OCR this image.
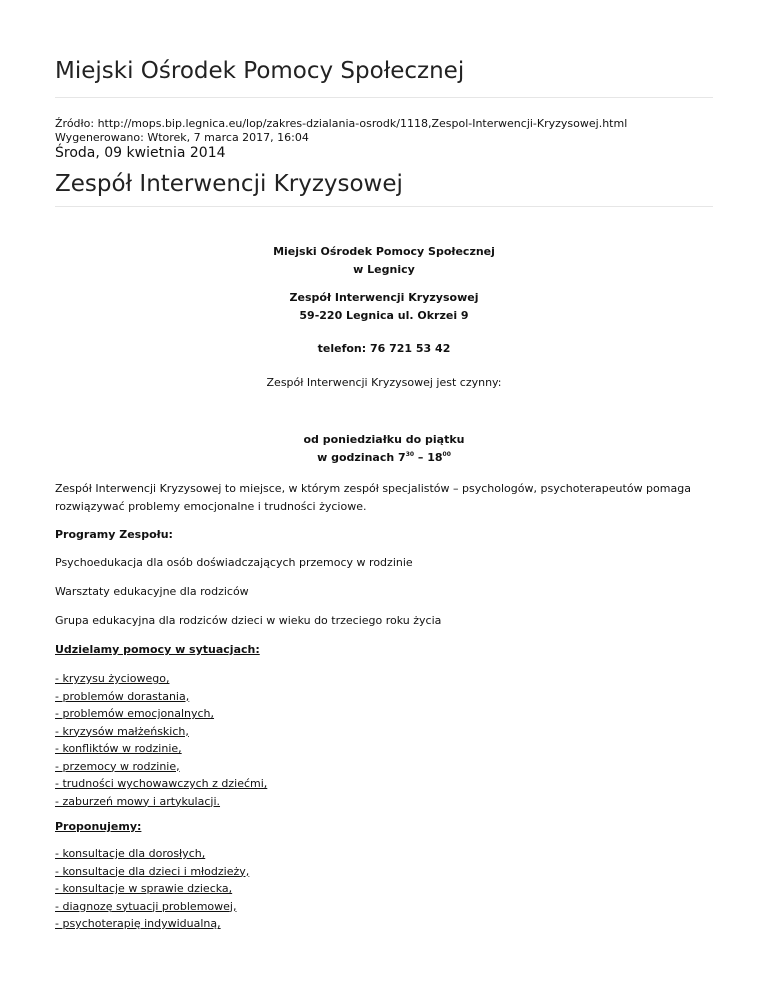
Miejski Ośrodek Pomocy Społecznej
Źródło: http://mops.bip.legnica.eu/lop/zakres-dzialania-osrodk/1118,Zespol-Interwencji-Kryzysowej.html
Wygenerowano: Wtorek, 7 marca 2017, 16:04
Środa, 09 kwietnia 2014
Zespół Interwencji Kryzysowej
Miejski Ośrodek Pomocy Społecznej
w Legnicy
Zespół Interwencji Kryzysowej
59-220 Legnica ul. Okrzei 9
telefon: 76 721 53 42
Zespół Interwencji Kryzysowej jest czynny:
od poniedziałku do piątku
w godzinach $7^{30} - 18^{00}$
Zespół Interwencji Kryzysowej to miejsce, w którym zespół specjalistów – psychologów, psychoterapeutów pomaga rozwiązywać problemy emocjonalne i trudności życiowe.
Programy Zespołu:
Psychoedukacja dla osób doświadczających przemocy w rodzinie
Warsztaty edukacyjne dla rodziców
Grupa edukacyjna dla rodziców dzieci w wieku do trzeciego roku życia
Udzielamy pomocy w sytuacjach:
- kryzysu życiowego,
- problemów dorastania,
- problemów emocjonalnych,
- kryzysów małżeńskich,
- konfliktów w rodzinie,
- przemocy w rodzinie,
- trudności wychowawczych z dziećmi,
- zaburzeń mowy i artykulacji.
Proponujemy:
- konsultacje dla dorosłych,
- konsultacje dla dzieci i młodzieży,
- konsultacje w sprawie dziecka,
- diagnozę sytuacji problemowej,
- psychoterapię indywidualną,
